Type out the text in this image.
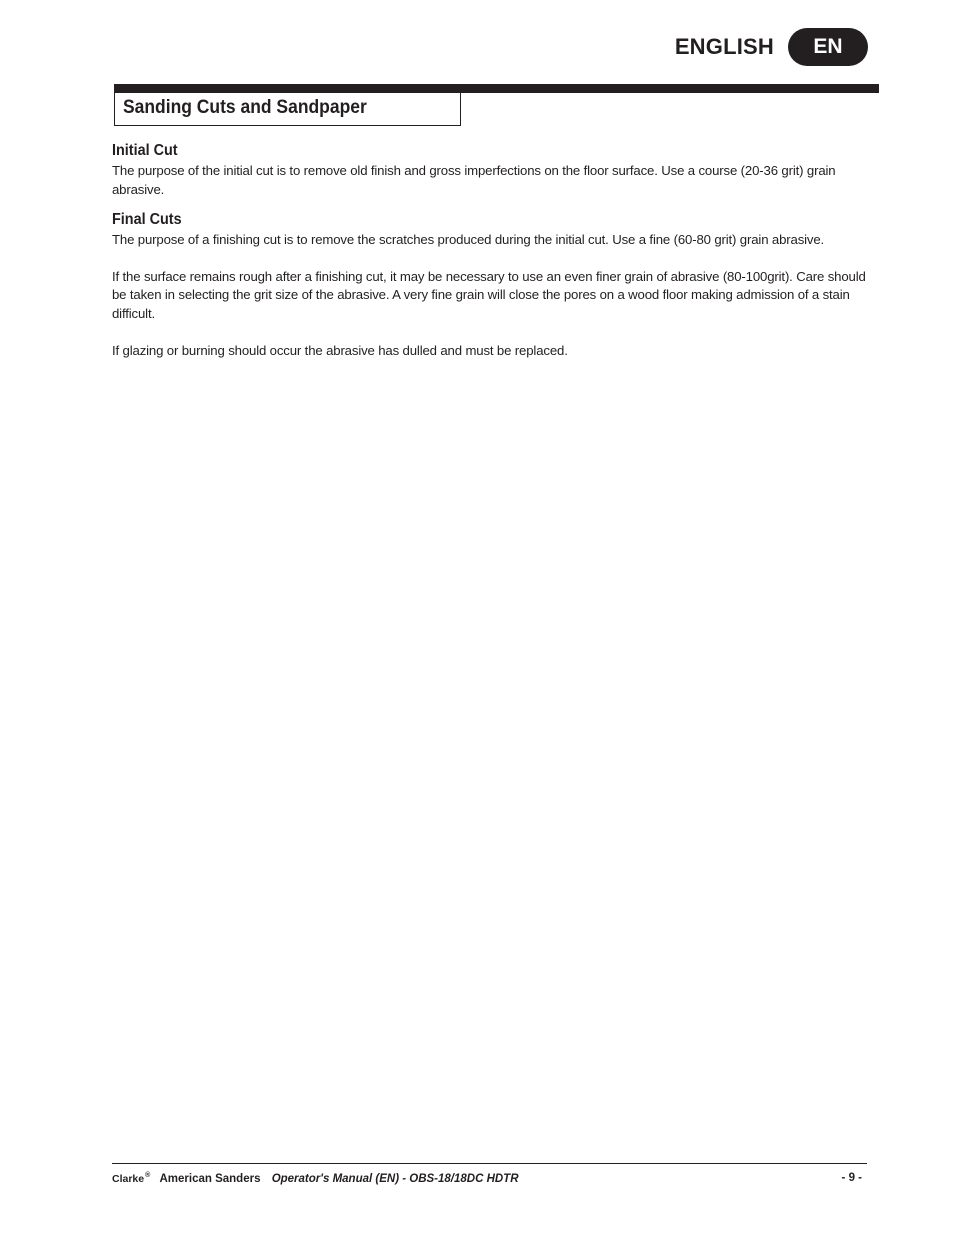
ENGLISH	EN
Sanding Cuts and Sandpaper
Initial Cut

The purpose of the initial cut is to remove old finish and gross imperfections on the floor surface. Use a course (20-36 grit) grain abrasive.

Final Cuts

The purpose of a finishing cut is to remove the scratches produced during the initial cut. Use a fine (60-80 grit) grain abrasive.

If the surface remains rough after a finishing cut, it may be necessary to use an even finer grain of abrasive (80-100grit). Care should be taken in selecting the grit size of the abrasive. A very fine grain will close the pores on a wood floor making admission of a stain difficult.

If glazing or burning should occur the abrasive has dulled and must be replaced.

Clarke® American Sanders Operator's Manual (EN) - OBS-18/18DC HDTR	- 9 -
